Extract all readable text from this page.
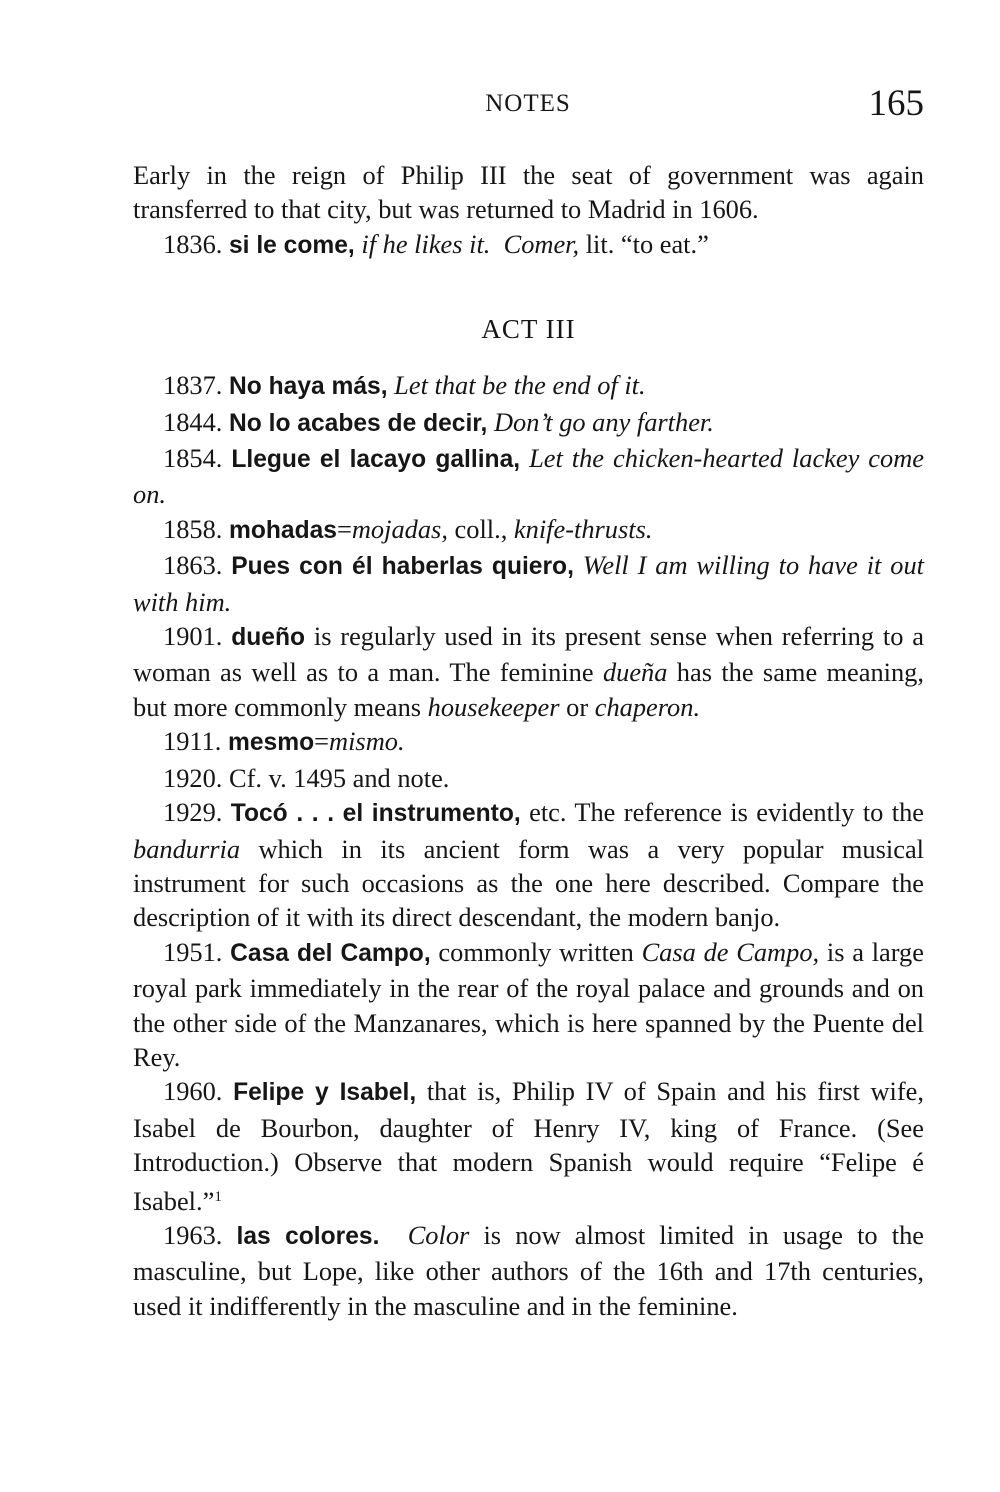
NOTES	165

Early in the reign of Philip III the seat of government was again transferred to that city, but was returned to Madrid in 1606.

1836. si le come, if he likes it. Comer, lit. “to eat.”

ACT III

1837. No haya más, Let that be the end of it.

1844. No lo acabes de decir, Don’t go any farther.

1854. Llegue el lacayo gallina, Let the chicken-hearted lackey come on.

1858. mohadas=mojadas, coll., knife-thrusts.

1863. Pues con él haberlas quiero, Well I am willing to have it out with him.

1901. dueño is regularly used in its present sense when referring to a woman as well as to a man. The feminine dueña has the same meaning, but more commonly means housekeeper or chaperon.

1911. mesmo=mismo.

1920. Cf. v. 1495 and note.

1929. Tocó . . . el instrumento, etc. The reference is evidently to the bandurria which in its ancient form was a very popular musical instrument for such occasions as the one here described. Compare the description of it with its direct descendant, the modern banjo.

1951. Casa del Campo, commonly written Casa de Campo, is a large royal park immediately in the rear of the royal palace and grounds and on the other side of the Manzanares, which is here spanned by the Puente del Rey.

1960. Felipe y Isabel, that is, Philip IV of Spain and his first wife, Isabel de Bourbon, daughter of Henry IV, king of France. (See Introduction.) Observe that modern Spanish would require “Felipe é Isabel.”$^1$

1963. las colores. Color is now almost limited in usage to the masculine, but Lope, like other authors of the 16th and 17th centuries, used it indifferently in the masculine and in the feminine.
